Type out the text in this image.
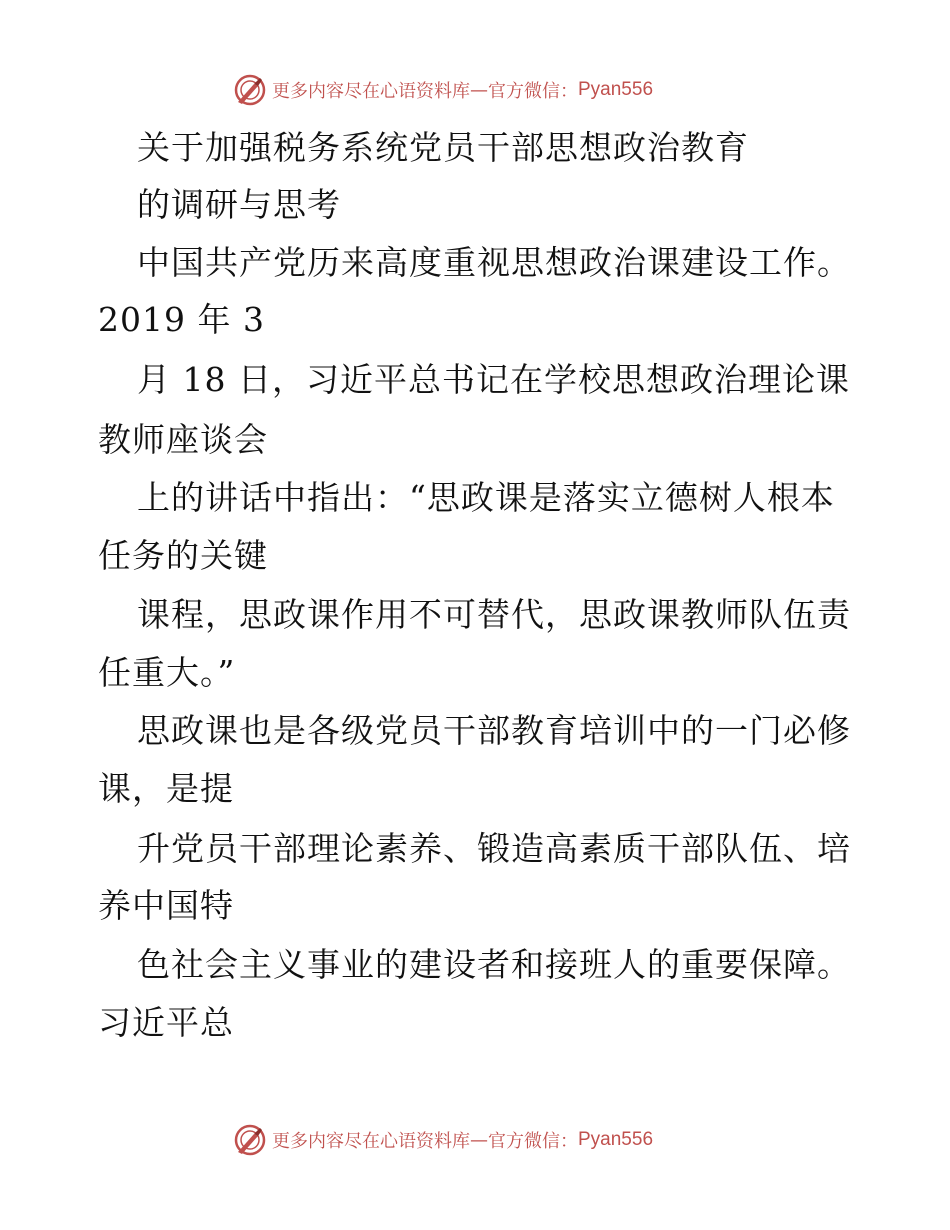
更多内容尽在心语资料库 — 官方微信： Pyan556
关于加强税务系统党员干部思想政治教育
的调研与思考
中国共产党历来高度重视思想政治课建设工作。
2019 年 3
月 18 日，习近平总书记在学校思想政治理论课
教师座谈会
上的讲话中指出：“思政课是落实立德树人根本
任务的关键
课程，思政课作用不可替代，思政课教师队伍责
任重大。”
思政课也是各级党员干部教育培训中的一门必修
课，是提
升党员干部理论素养、锻造高素质干部队伍、培
养中国特
色社会主义事业的建设者和接班人的重要保障。
习近平总
更多内容尽在心语资料库 — 官方微信： Pyan556
